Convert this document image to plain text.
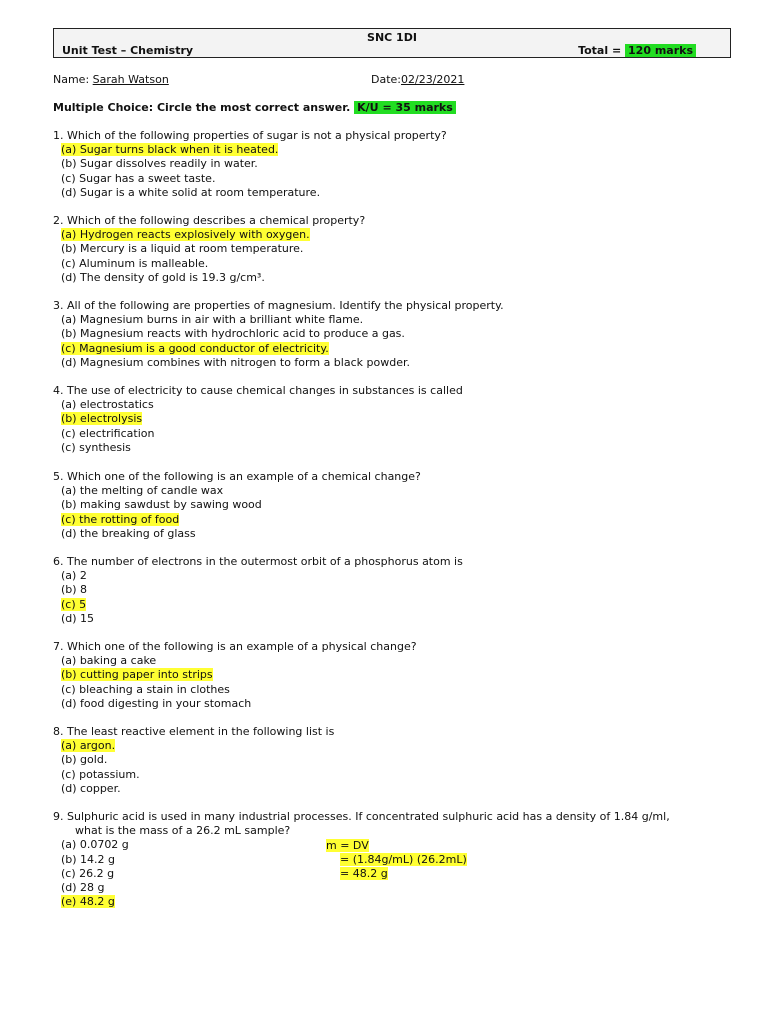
SNC 1DI
Unit Test – Chemistry	Total = 120 marks
Name: Sarah Watson	Date:02/23/2021
Multiple Choice: Circle the most correct answer. K/U = 35 marks
1. Which of the following properties of sugar is not a physical property?
(a) Sugar turns black when it is heated.
(b) Sugar dissolves readily in water.
(c) Sugar has a sweet taste.
(d) Sugar is a white solid at room temperature.
2. Which of the following describes a chemical property?
(a) Hydrogen reacts explosively with oxygen.
(b) Mercury is a liquid at room temperature.
(c) Aluminum is malleable.
(d) The density of gold is 19.3 g/cm³.
3. All of the following are properties of magnesium. Identify the physical property.
(a) Magnesium burns in air with a brilliant white flame.
(b) Magnesium reacts with hydrochloric acid to produce a gas.
(c) Magnesium is a good conductor of electricity.
(d) Magnesium combines with nitrogen to form a black powder.
4. The use of electricity to cause chemical changes in substances is called
(a) electrostatics
(b) electrolysis
(c) electrification
(c) synthesis
5. Which one of the following is an example of a chemical change?
(a) the melting of candle wax
(b) making sawdust by sawing wood
(c) the rotting of food
(d) the breaking of glass
6. The number of electrons in the outermost orbit of a phosphorus atom is
(a) 2
(b) 8
(c) 5
(d) 15
7. Which one of the following is an example of a physical change?
(a) baking a cake
(b) cutting paper into strips
(c) bleaching a stain in clothes
(d) food digesting in your stomach
8. The least reactive element in the following list is
(a) argon.
(b) gold.
(c) potassium.
(d) copper.
9. Sulphuric acid is used in many industrial processes. If concentrated sulphuric acid has a density of 1.84 g/ml,
what is the mass of a 26.2 mL sample?
(a) 0.0702 g
(b) 14.2 g
(c) 26.2 g
(d) 28 g
(e) 48.2 g
m = DV
= (1.84g/mL) (26.2mL)
= 48.2 g
